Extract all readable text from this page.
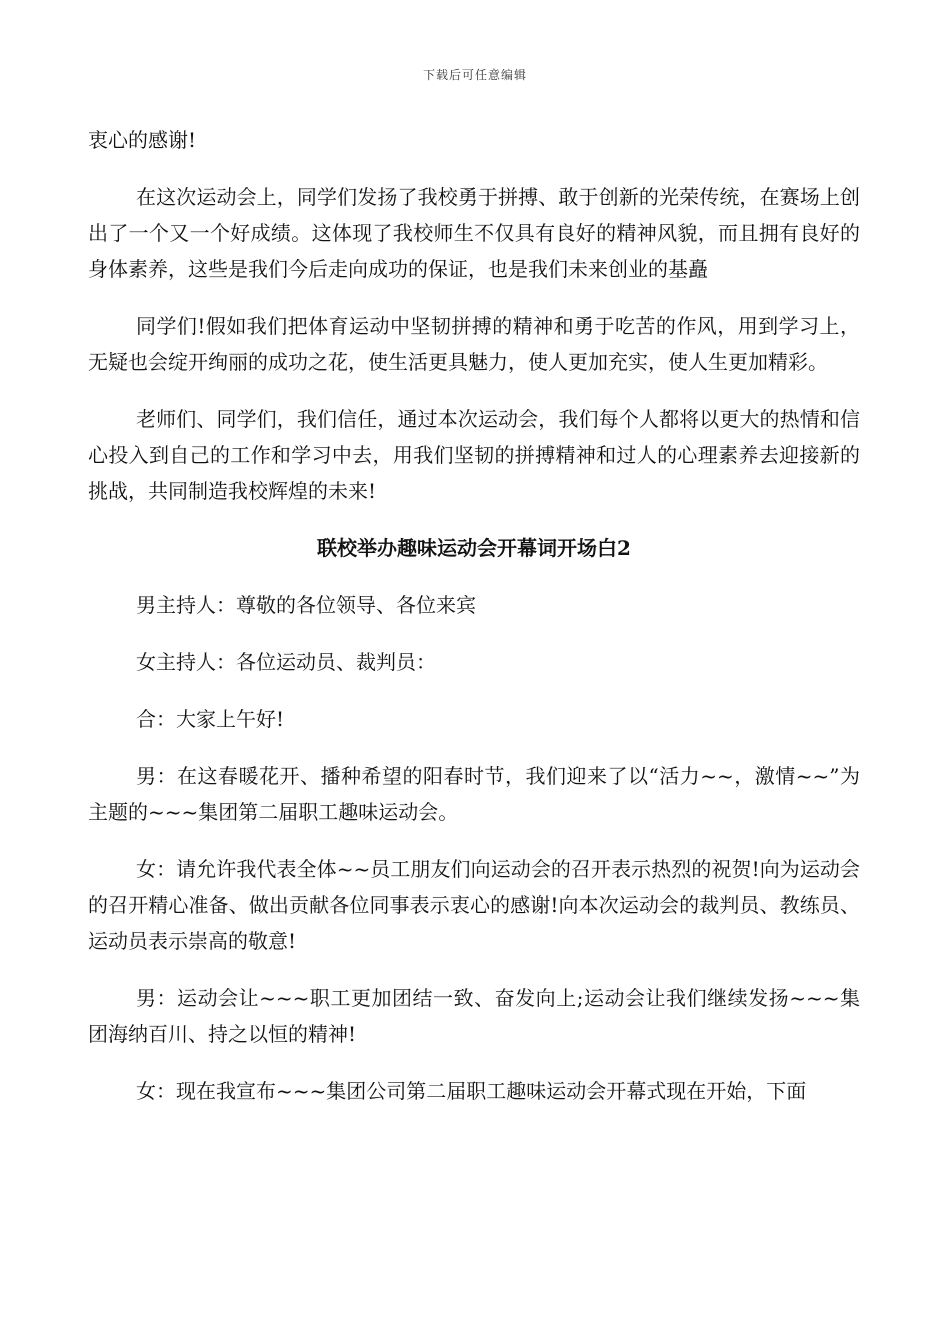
下载后可任意编辑

衷心的感谢!

在这次运动会上，同学们发扬了我校勇于拼搏、敢于创新的光荣传统，在赛场上创出了一个又一个好成绩。这体现了我校师生不仅具有良好的精神风貌，而且拥有良好的身体素养，这些是我们今后走向成功的保证，也是我们未来创业的基矗

同学们!假如我们把体育运动中坚韧拼搏的精神和勇于吃苦的作风，用到学习上，无疑也会绽开绚丽的成功之花，使生活更具魅力，使人更加充实，使人生更加精彩。

老师们、同学们，我们信任，通过本次运动会，我们每个人都将以更大的热情和信心投入到自己的工作和学习中去，用我们坚韧的拼搏精神和过人的心理素养去迎接新的挑战，共同制造我校辉煌的未来!

联校举办趣味运动会开幕词开场白2

男主持人：尊敬的各位领导、各位来宾

女主持人：各位运动员、裁判员：

合：大家上午好!

男：在这春暖花开、播种希望的阳春时节，我们迎来了以“活力~~，激情~~”为主题的~~~集团第二届职工趣味运动会。

女：请允许我代表全体~~员工朋友们向运动会的召开表示热烈的祝贺!向为运动会的召开精心准备、做出贡献各位同事表示衷心的感谢!向本次运动会的裁判员、教练员、运动员表示崇高的敬意!

男：运动会让~~~职工更加团结一致、奋发向上;运动会让我们继续发扬~~~集团海纳百川、持之以恒的精神!

女：现在我宣布~~~集团公司第二届职工趣味运动会开幕式现在开始，下面
